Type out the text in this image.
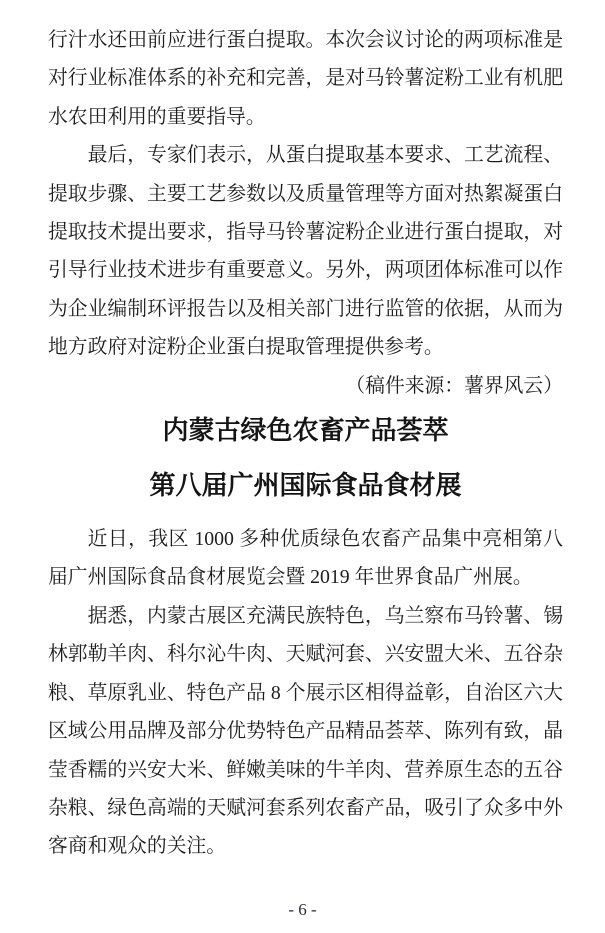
行汁水还田前应进行蛋白提取。本次会议讨论的两项标准是对行业标准体系的补充和完善，是对马铃薯淀粉工业有机肥水农田利用的重要指导。

最后，专家们表示，从蛋白提取基本要求、工艺流程、提取步骤、主要工艺参数以及质量管理等方面对热絮凝蛋白提取技术提出要求，指导马铃薯淀粉企业进行蛋白提取，对引导行业技术进步有重要意义。另外，两项团体标准可以作为企业编制环评报告以及相关部门进行监管的依据，从而为地方政府对淀粉企业蛋白提取管理提供参考。

（稿件来源：薯界风云）

内蒙古绿色农畜产品荟萃
第八届广州国际食品食材展

近日，我区 1000 多种优质绿色农畜产品集中亮相第八届广州国际食品食材展览会暨 2019 年世界食品广州展。

据悉，内蒙古展区充满民族特色，乌兰察布马铃薯、锡林郭勒羊肉、科尔沁牛肉、天赋河套、兴安盟大米、五谷杂粮、草原乳业、特色产品 8 个展示区相得益彰，自治区六大区域公用品牌及部分优势特色产品精品荟萃、陈列有致，晶莹香糯的兴安大米、鲜嫩美味的牛羊肉、营养原生态的五谷杂粮、绿色高端的天赋河套系列农畜产品，吸引了众多中外客商和观众的关注。

- 6 -
